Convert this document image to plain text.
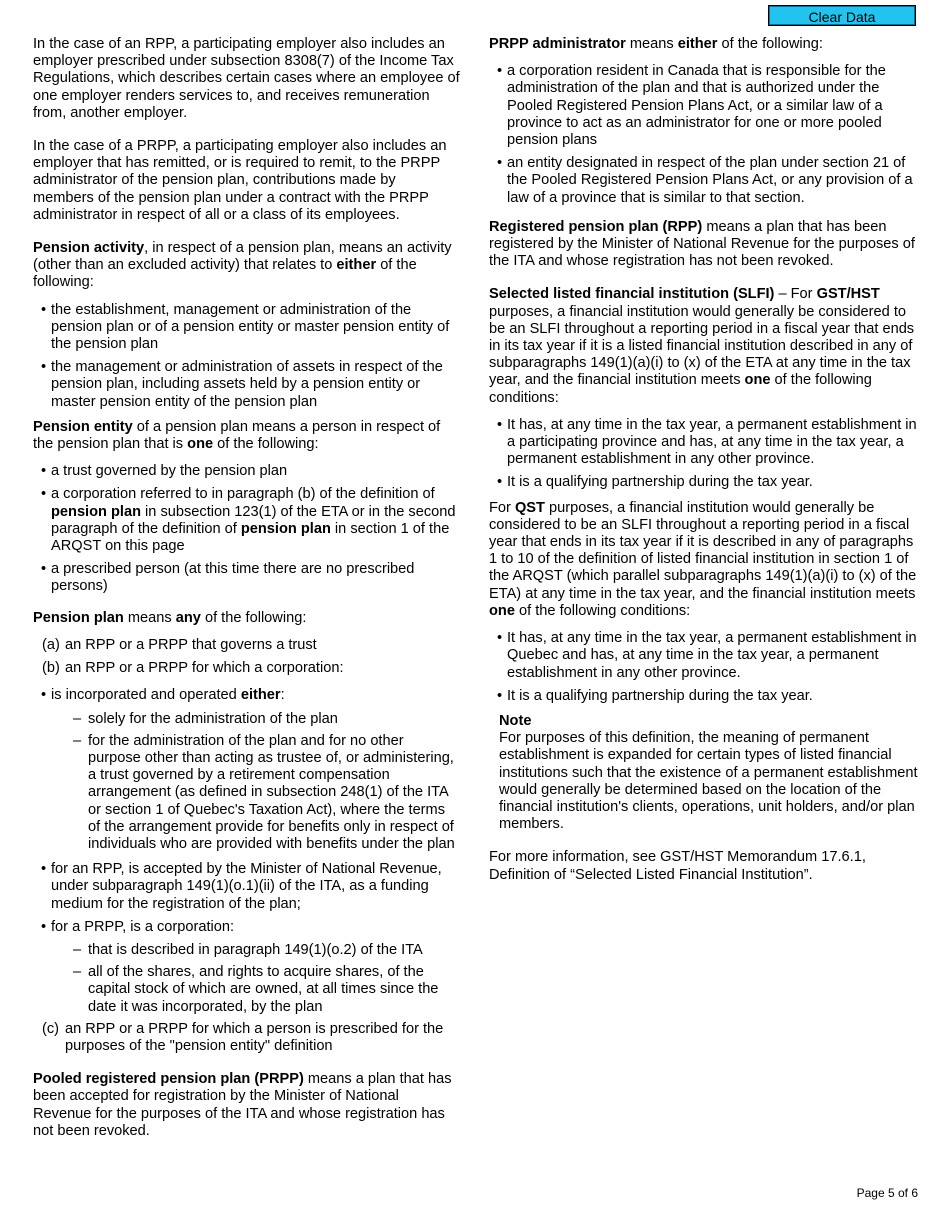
Clear Data

In the case of an RPP, a participating employer also includes an employer prescribed under subsection 8308(7) of the Income Tax Regulations, which describes certain cases where an employee of one employer renders services to, and receives remuneration from, another employer.

In the case of a PRPP, a participating employer also includes an employer that has remitted, or is required to remit, to the PRPP administrator of the pension plan, contributions made by members of the pension plan under a contract with the PRPP administrator in respect of all or a class of its employees.

Pension activity, in respect of a pension plan, means an activity (other than an excluded activity) that relates to either of the following:

• the establishment, management or administration of the pension plan or of a pension entity or master pension entity of the pension plan
• the management or administration of assets in respect of the pension plan, including assets held by a pension entity or master pension entity of the pension plan

Pension entity of a pension plan means a person in respect of the pension plan that is one of the following:

• a trust governed by the pension plan
• a corporation referred to in paragraph (b) of the definition of pension plan in subsection 123(1) of the ETA or in the second paragraph of the definition of pension plan in section 1 of the ARQST on this page
• a prescribed person (at this time there are no prescribed persons)

Pension plan means any of the following:

(a) an RPP or a PRPP that governs a trust
(b) an RPP or a PRPP for which a corporation:
• is incorporated and operated either:
– solely for the administration of the plan
– for the administration of the plan and for no other purpose other than acting as trustee of, or administering, a trust governed by a retirement compensation arrangement (as defined in subsection 248(1) of the ITA or section 1 of Quebec's Taxation Act), where the terms of the arrangement provide for benefits only in respect of individuals who are provided with benefits under the plan
• for an RPP, is accepted by the Minister of National Revenue, under subparagraph 149(1)(o.1)(ii) of the ITA, as a funding medium for the registration of the plan;
• for a PRPP, is a corporation:
– that is described in paragraph 149(1)(o.2) of the ITA
– all of the shares, and rights to acquire shares, of the capital stock of which are owned, at all times since the date it was incorporated, by the plan
(c) an RPP or a PRPP for which a person is prescribed for the purposes of the "pension entity" definition

Pooled registered pension plan (PRPP) means a plan that has been accepted for registration by the Minister of National Revenue for the purposes of the ITA and whose registration has not been revoked.

PRPP administrator means either of the following:

• a corporation resident in Canada that is responsible for the administration of the plan and that is authorized under the Pooled Registered Pension Plans Act, or a similar law of a province to act as an administrator for one or more pooled pension plans
• an entity designated in respect of the plan under section 21 of the Pooled Registered Pension Plans Act, or any provision of a law of a province that is similar to that section.

Registered pension plan (RPP) means a plan that has been registered by the Minister of National Revenue for the purposes of the ITA and whose registration has not been revoked.

Selected listed financial institution (SLFI) – For GST/HST purposes, a financial institution would generally be considered to be an SLFI throughout a reporting period in a fiscal year that ends in its tax year if it is a listed financial institution described in any of subparagraphs 149(1)(a)(i) to (x) of the ETA at any time in the tax year, and the financial institution meets one of the following conditions:

• It has, at any time in the tax year, a permanent establishment in a participating province and has, at any time in the tax year, a permanent establishment in any other province.
• It is a qualifying partnership during the tax year.

For QST purposes, a financial institution would generally be considered to be an SLFI throughout a reporting period in a fiscal year that ends in its tax year if it is described in any of paragraphs 1 to 10 of the definition of listed financial institution in section 1 of the ARQST (which parallel subparagraphs 149(1)(a)(i) to (x) of the ETA) at any time in the tax year, and the financial institution meets one of the following conditions:

• It has, at any time in the tax year, a permanent establishment in Quebec and has, at any time in the tax year, a permanent establishment in any other province.
• It is a qualifying partnership during the tax year.
Note
For purposes of this definition, the meaning of permanent establishment is expanded for certain types of listed financial institutions such that the existence of a permanent establishment would generally be determined based on the location of the financial institution's clients, operations, unit holders, and/or plan members.

For more information, see GST/HST Memorandum 17.6.1, Definition of “Selected Listed Financial Institution”.

Page 5 of 6
